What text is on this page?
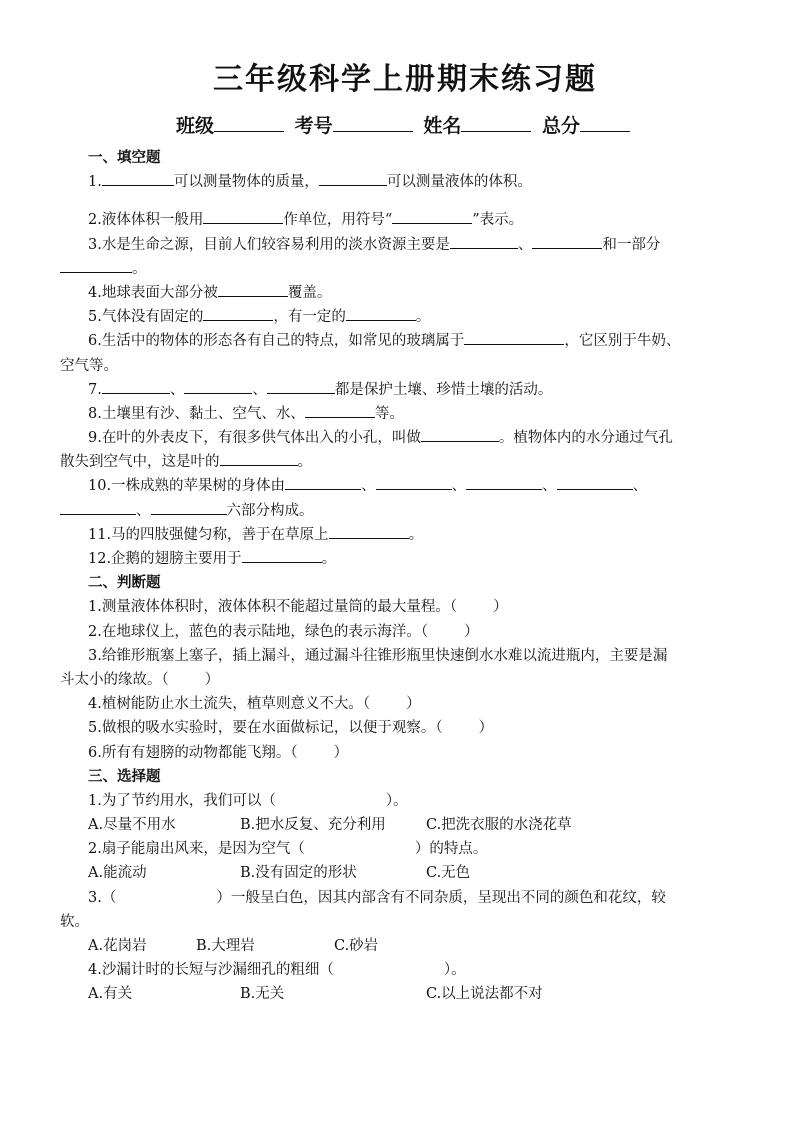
三年级科学上册期末练习题
班级	考号	姓名	总分
一、填空题
1.	可以测量物体的质量，	可以测量液体的体积。
2.液体体积一般用	作单位，用符号“	”表示。
3.水是生命之源，目前人们较容易利用的淡水资源主要是	、	和一部分
。
4.地球表面大部分被	覆盖。
5.气体没有固定的	，有一定的	。
6.生活中的物体的形态各有自己的特点，如常见的玻璃属于	，它区别于牛奶、
空气等。
7.	、	、	都是保护土壤、珍惜土壤的活动。
8.土壤里有沙、黏土、空气、水、	等。
9.在叶的外表皮下，有很多供气体出入的小孔，叫做	。植物体内的水分通过气孔
散失到空气中，这是叶的	。
10.一株成熟的苹果树的身体由	、	、	、	、
、	六部分构成。
11.马的四肢强健匀称，善于在草原上	。
12.企鹅的翅膀主要用于	。
二、判断题
1.测量液体体积时，液体体积不能超过量筒的最大量程。（ ）
2.在地球仪上，蓝色的表示陆地，绿色的表示海洋。（ ）
3.给锥形瓶塞上塞子，插上漏斗，通过漏斗往锥形瓶里快速倒水水难以流进瓶内，主要是漏
斗太小的缘故。（ ）
4.植树能防止水土流失，植草则意义不大。（ ）
5.做根的吸水实验时，要在水面做标记，以便于观察。（ ）
6.所有有翅膀的动物都能飞翔。（ ）
三、选择题
1.为了节约用水，我们可以（	）。
A.尽量不用水	B.把水反复、充分利用	C.把洗衣服的水浇花草
2.扇子能扇出风来，是因为空气（	）的特点。
A.能流动	B.没有固定的形状	C.无色
3.（	）一般呈白色，因其内部含有不同杂质，呈现出不同的颜色和花纹，较
软。
A.花岗岩	B.大理岩	C.砂岩
4.沙漏计时的长短与沙漏细孔的粗细（	）。
A.有关	B.无关	C.以上说法都不对
